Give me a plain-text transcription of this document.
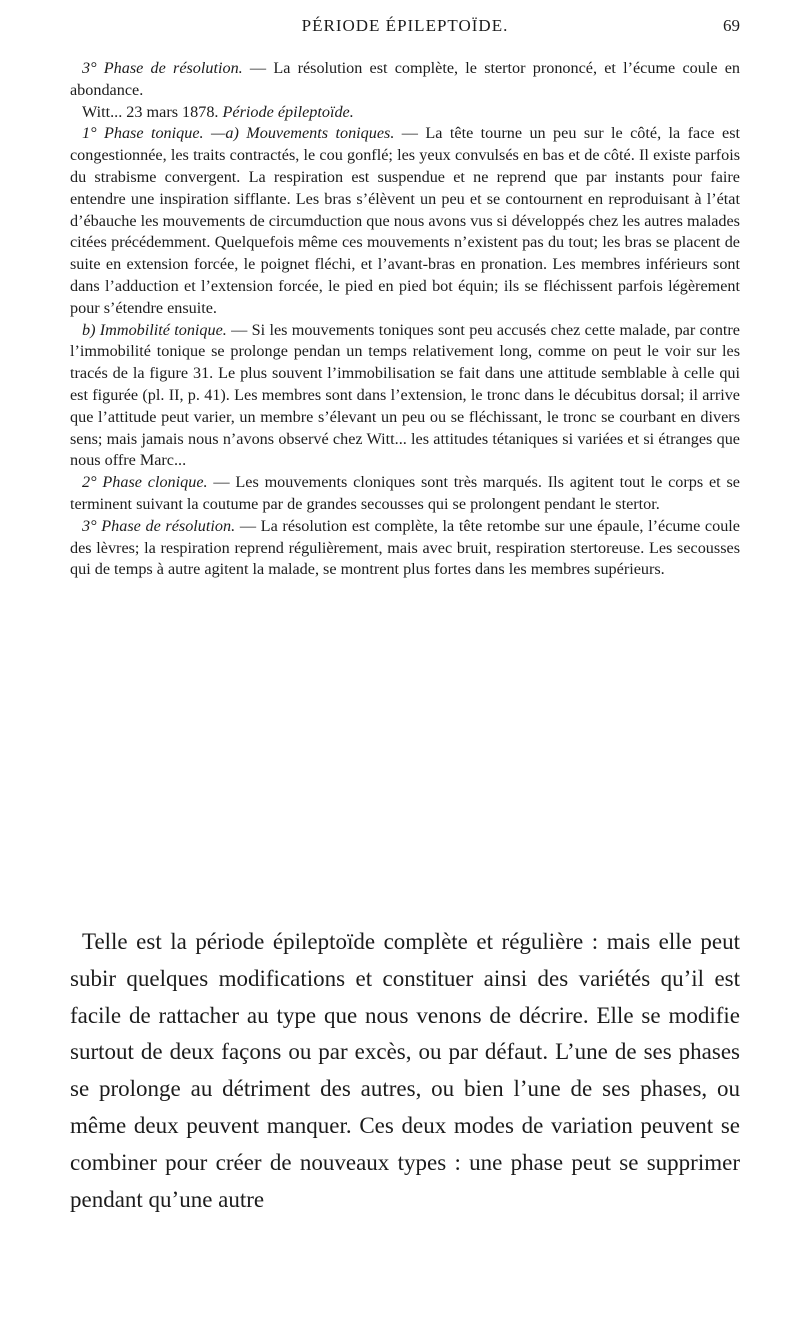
PÉRIODE ÉPILEPTOÏDE.	69

3° Phase de résolution. — La résolution est complète, le stertor prononcé, et l’écume coule en abondance.

Witt... 23 mars 1878. Période épileptoïde.

1° Phase tonique. —a) Mouvements toniques. — La tête tourne un peu sur le côté, la face est congestionnée, les traits contractés, le cou gonflé; les yeux convulsés en bas et de côté. Il existe parfois du strabisme convergent. La respiration est suspendue et ne reprend que par instants pour faire entendre une inspiration sifflante. Les bras s’élèvent un peu et se contournent en reproduisant à l’état d’ébauche les mouvements de circumduction que nous avons vus si développés chez les autres malades citées précédemment. Quelquefois même ces mouvements n’existent pas du tout; les bras se placent de suite en extension forcée, le poignet fléchi, et l’avant-bras en pronation. Les membres inférieurs sont dans l’adduction et l’extension forcée, le pied en pied bot équin; ils se fléchissent parfois légèrement pour s’étendre ensuite.

b) Immobilité tonique. — Si les mouvements toniques sont peu accusés chez cette malade, par contre l’immobilité tonique se prolonge pendan un temps relativement long, comme on peut le voir sur les tracés de la figure 31. Le plus souvent l’immobilisation se fait dans une attitude semblable à celle qui est figurée (pl. II, p. 41). Les membres sont dans l’extension, le tronc dans le décubitus dorsal; il arrive que l’attitude peut varier, un membre s’élevant un peu ou se fléchissant, le tronc se courbant en divers sens; mais jamais nous n’avons observé chez Witt... les attitudes tétaniques si variées et si étranges que nous offre Marc...

2° Phase clonique. — Les mouvements cloniques sont très marqués. Ils agitent tout le corps et se terminent suivant la coutume par de grandes secousses qui se prolongent pendant le stertor.

3° Phase de résolution. — La résolution est complète, la tête retombe sur une épaule, l’écume coule des lèvres; la respiration reprend régulièrement, mais avec bruit, respiration stertoreuse. Les secousses qui de temps à autre agitent la malade, se montrent plus fortes dans les membres supérieurs.

Telle est la période épileptoïde complète et régulière : mais elle peut subir quelques modifications et constituer ainsi des variétés qu’il est facile de rattacher au type que nous venons de décrire. Elle se modifie surtout de deux façons ou par excès, ou par défaut. L’une de ses phases se prolonge au détriment des autres, ou bien l’une de ses phases, ou même deux peuvent manquer. Ces deux modes de variation peuvent se combiner pour créer de nouveaux types : une phase peut se supprimer pendant qu’une autre
